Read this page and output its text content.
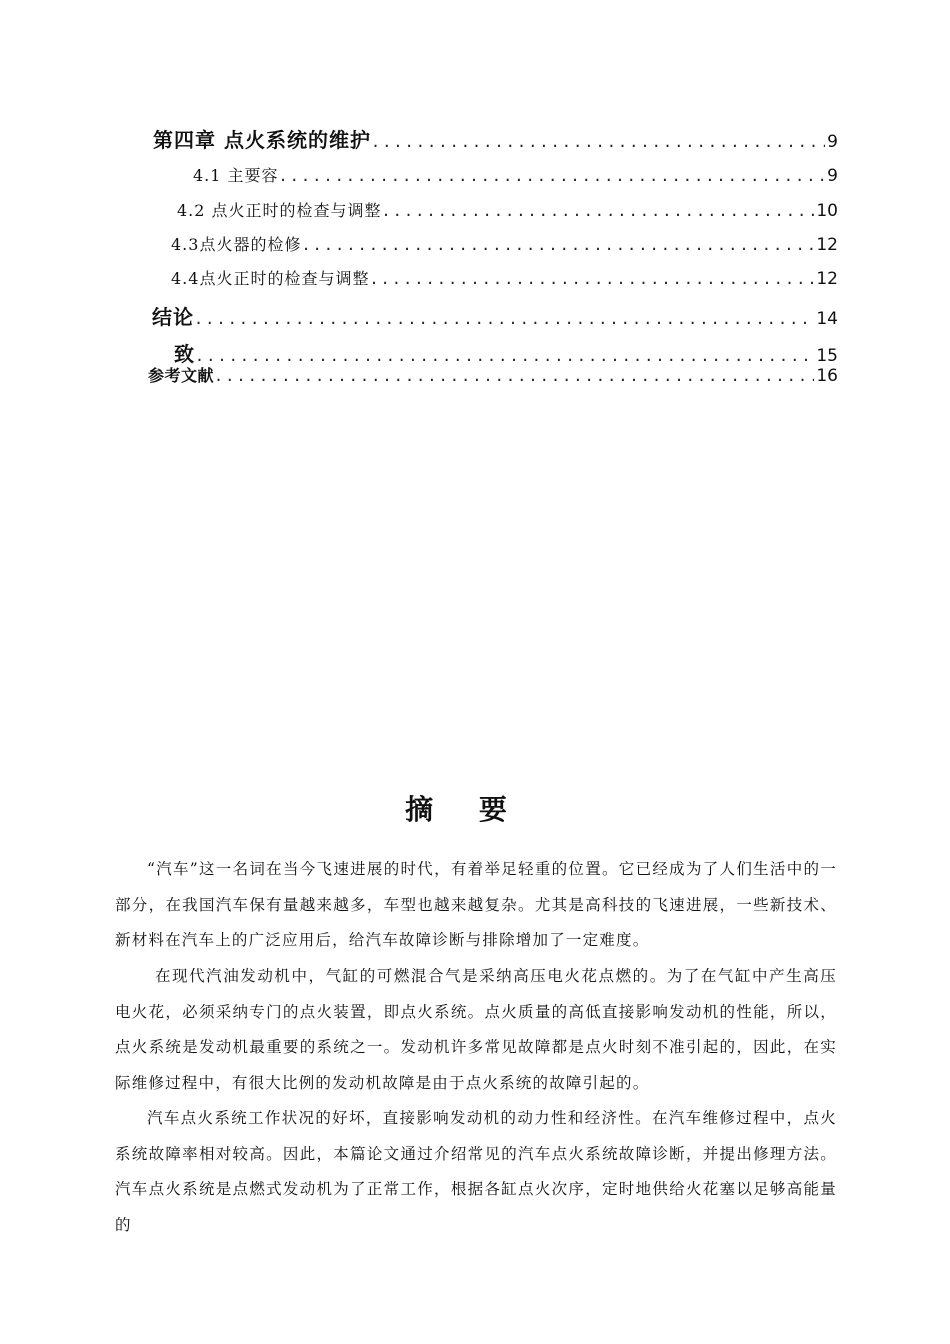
第四章 点火系统的维护 .....	9
4.1 主要容 .....	9
4.2 点火正时的检查与调整 .....	10
4.3点火器的检修 .....	12
4.4点火正时的检查与调整 .....	12
结论 .....	14
致 .....	15
参考文献 .....	16
摘 要

“汽车”这一名词在当今飞速进展的时代，有着举足轻重的位置。它已经成为了人们生活中的一部分，在我国汽车保有量越来越多，车型也越来越复杂。尤其是高科技的飞速进展，一些新技术、新材料在汽车上的广泛应用后，给汽车故障诊断与排除增加了一定难度。

在现代汽油发动机中，气缸的可燃混合气是采纳高压电火花点燃的。为了在气缸中产生高压电火花，必须采纳专门的点火装置，即点火系统。点火质量的高低直接影响发动机的性能，所以，点火系统是发动机最重要的系统之一。发动机许多常见故障都是点火时刻不准引起的，因此，在实际维修过程中，有很大比例的发动机故障是由于点火系统的故障引起的。

汽车点火系统工作状况的好坏，直接影响发动机的动力性和经济性。在汽车维修过程中，点火系统故障率相对较高。因此，本篇论文通过介绍常见的汽车点火系统故障诊断，并提出修理方法。汽车点火系统是点燃式发动机为了正常工作，根据各缸点火次序，定时地供给火花塞以足够高能量的
